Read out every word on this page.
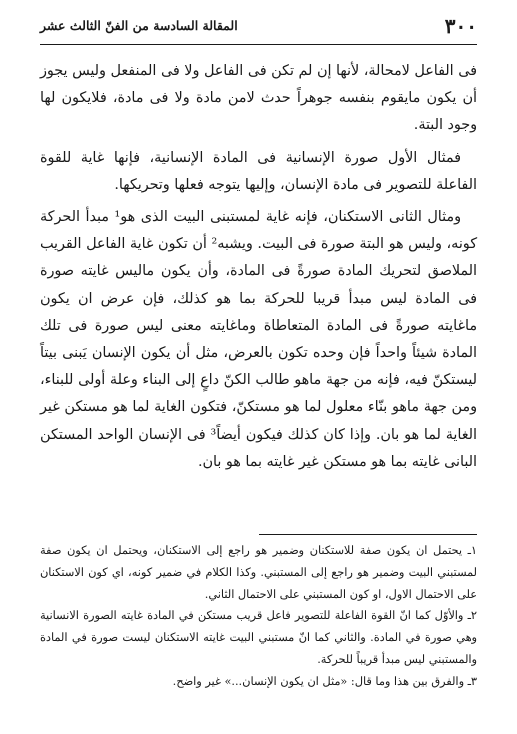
٣٠٠
المقالة السادسة من الفنّ الثالث عشر

فى الفاعل لامحالة، لأنها إن لم تكن فى الفاعل ولا فى المنفعل وليس يجوز أن يكون مايقوم بنفسه جوهراً حدث لامن مادة ولا فى مادة، فلايكون لها وجود البتة.

فمثال الأول صورة الإنسانية فى المادة الإنسانية، فإنها غاية للقوة الفاعلة للتصوير فى مادة الإنسان، وإليها يتوجه فعلها وتحريكها.

ومثال الثانى الاستكنان، فإنه غاية لمستبنى البيت الذى هو¹ مبدأ الحركة كونه، وليس هو البتة صورة فى البيت. ويشبه² أن تكون غاية الفاعل القريب الملاصق لتحريك المادة صورةً فى المادة، وأن يكون ماليس غايته صورة فى المادة ليس مبدأ قريبا للحركة بما هو كذلك، فإن عرض ان يكون ماغايته صورةً فى المادة المتعاطاة وماغايته معنى ليس صورة فى تلك المادة شيئاً واحداً فإن وحده تكون بالعرض، مثل أن يكون الإنسان يَبنى بيتاً ليستكنّ فيه، فإنه من جهة ماهو طالب الكنّ داعٍ إلى البناء وعلة أولى للبناء، ومن جهة ماهو بنّاء معلول لما هو مستكنّ، فتكون الغاية لما هو مستكن غير الغاية لما هو بان. وإذا كان كذلك فيكون أيضاً³ فى الإنسان الواحد المستكن البانى غايته بما هو مستكن غير غايته بما هو بان.

١ـ يحتمل ان يكون صفة للاستكنان وضمير هو راجع إلى الاستكنان، ويحتمل ان يكون صفة لمستبني البيت وضمير هو راجع إلى المستبني. وكذا الكلام في ضمير كونه، اي كون الاستكنان على الاحتمال الاول، او كون المستبني على الاحتمال الثاني.

٢ـ والأوّل كما انّ القوة الفاعلة للتصوير فاعل قريب مستكن في المادة غايته الصورة الانسانية وهي صورة في المادة. والثاني كما انّ مستبني البيت غايته الاستكنان ليست صورة في المادة والمستبني ليس مبدأ قريباً للحركة.

٣ـ والفرق بين هذا وما قال: «مثل ان يكون الإنسان...» غير واضح.
